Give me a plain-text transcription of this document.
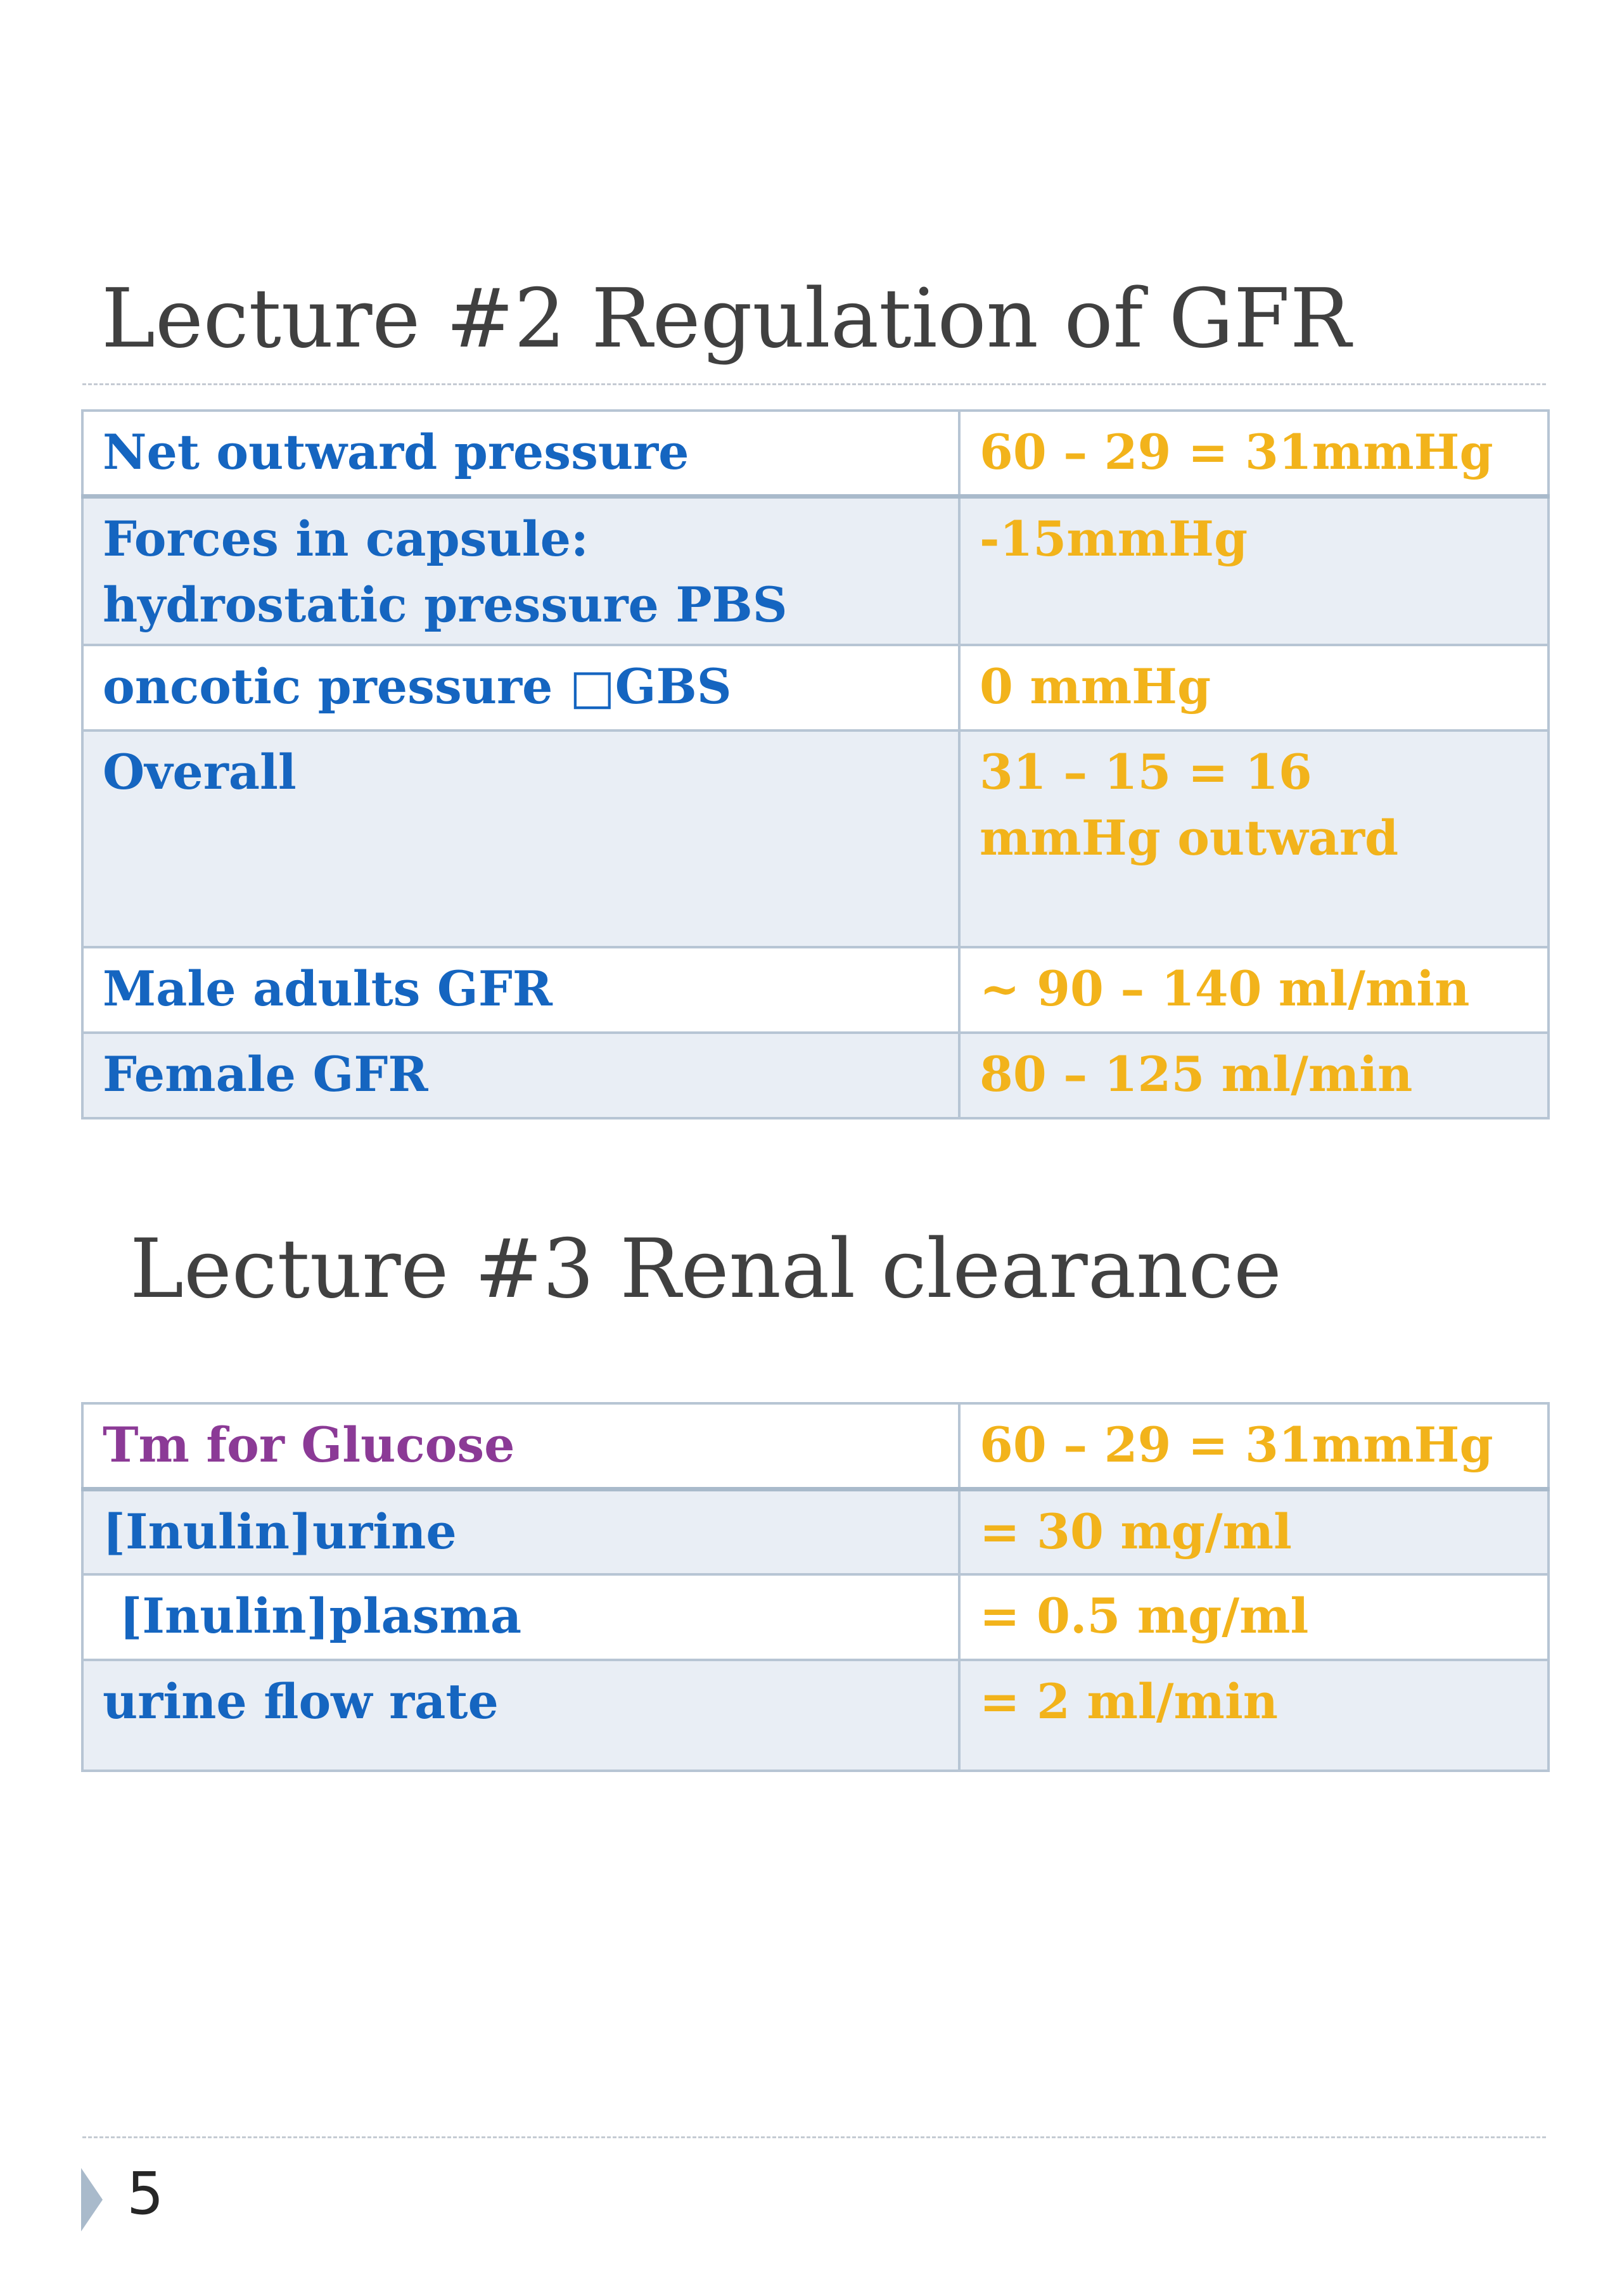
Lecture #2 Regulation of GFR
Net outward pressure	60 – 29 = 31mmHg

Forces in capsule:
hydrostatic pressure PBS	-15mmHg

oncotic pressure □GBS	0 mmHg

Overall	31 – 15 = 16
mmHg outward

Male adults GFR	~ 90 – 140 ml/min

Female GFR	80 – 125 ml/min
Lecture #3 Renal clearance
Tm for Glucose	60 – 29 = 31mmHg

[Inulin]urine	= 30 mg/ml

[Inulin]plasma	= 0.5 mg/ml

urine flow rate	= 2 ml/min
5
